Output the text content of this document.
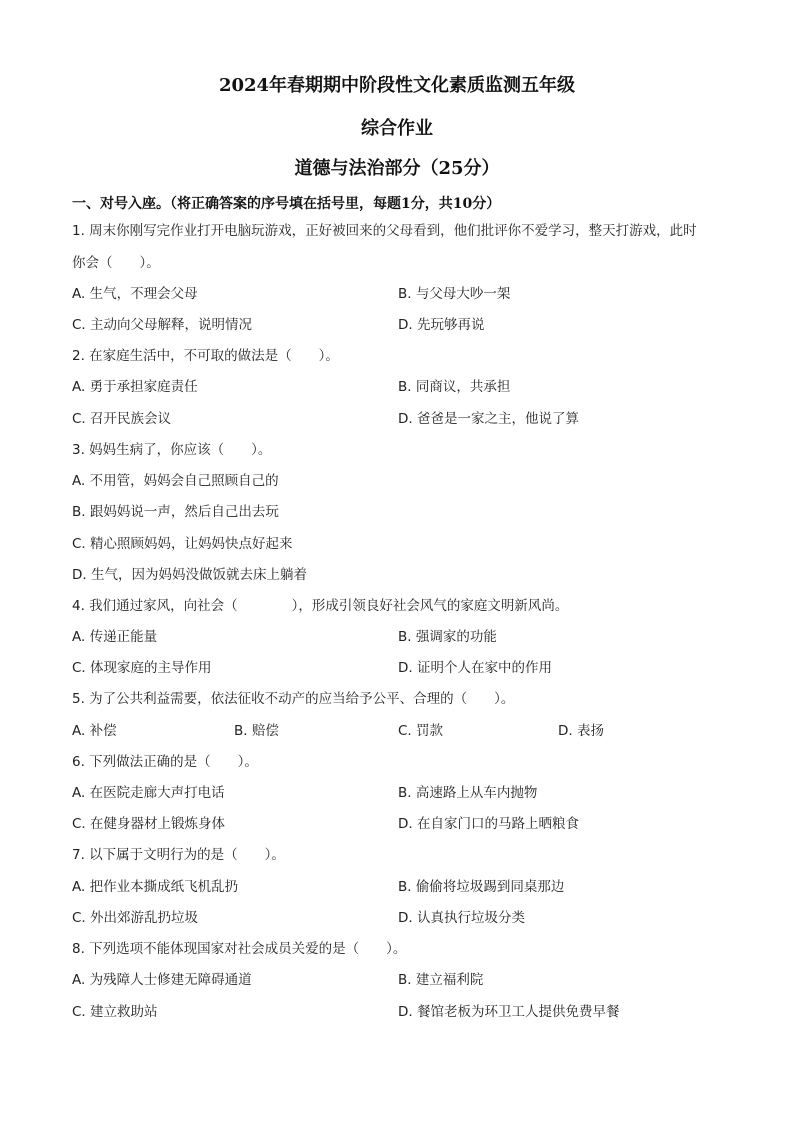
2024年春期期中阶段性文化素质监测五年级
综合作业
道德与法治部分（25分）
一、对号入座。（将正确答案的序号填在括号里，每题1分，共10分）
1. 周末你刚写完作业打开电脑玩游戏，正好被回来的父母看到，他们批评你不爱学习，整天打游戏，此时
你会（　　）。
A. 生气，不理会父母	B. 与父母大吵一架
C. 主动向父母解释，说明情况	D. 先玩够再说
2. 在家庭生活中，不可取的做法是（　　）。
A. 勇于承担家庭责任	B. 同商议，共承担
C. 召开民族会议	D. 爸爸是一家之主，他说了算
3. 妈妈生病了，你应该（　　）。
A. 不用管，妈妈会自己照顾自己的
B. 跟妈妈说一声，然后自己出去玩
C. 精心照顾妈妈，让妈妈快点好起来
D. 生气，因为妈妈没做饭就去床上躺着
4. 我们通过家风，向社会（　　　　），形成引领良好社会风气的家庭文明新风尚。
A. 传递正能量	B. 强调家的功能
C. 体现家庭的主导作用	D. 证明个人在家中的作用
5. 为了公共利益需要，依法征收不动产的应当给予公平、合理的（　　）。
A. 补偿	B. 赔偿	C. 罚款	D. 表扬
6. 下列做法正确的是（　　）。
A. 在医院走廊大声打电话	B. 高速路上从车内抛物
C. 在健身器材上锻炼身体	D. 在自家门口的马路上晒粮食
7. 以下属于文明行为的是（　　）。
A. 把作业本撕成纸飞机乱扔	B. 偷偷将垃圾踢到同桌那边
C. 外出郊游乱扔垃圾	D. 认真执行垃圾分类
8. 下列选项不能体现国家对社会成员关爱的是（　　）。
A. 为残障人士修建无障碍通道	B. 建立福利院
C. 建立救助站	D. 餐馆老板为环卫工人提供免费早餐
